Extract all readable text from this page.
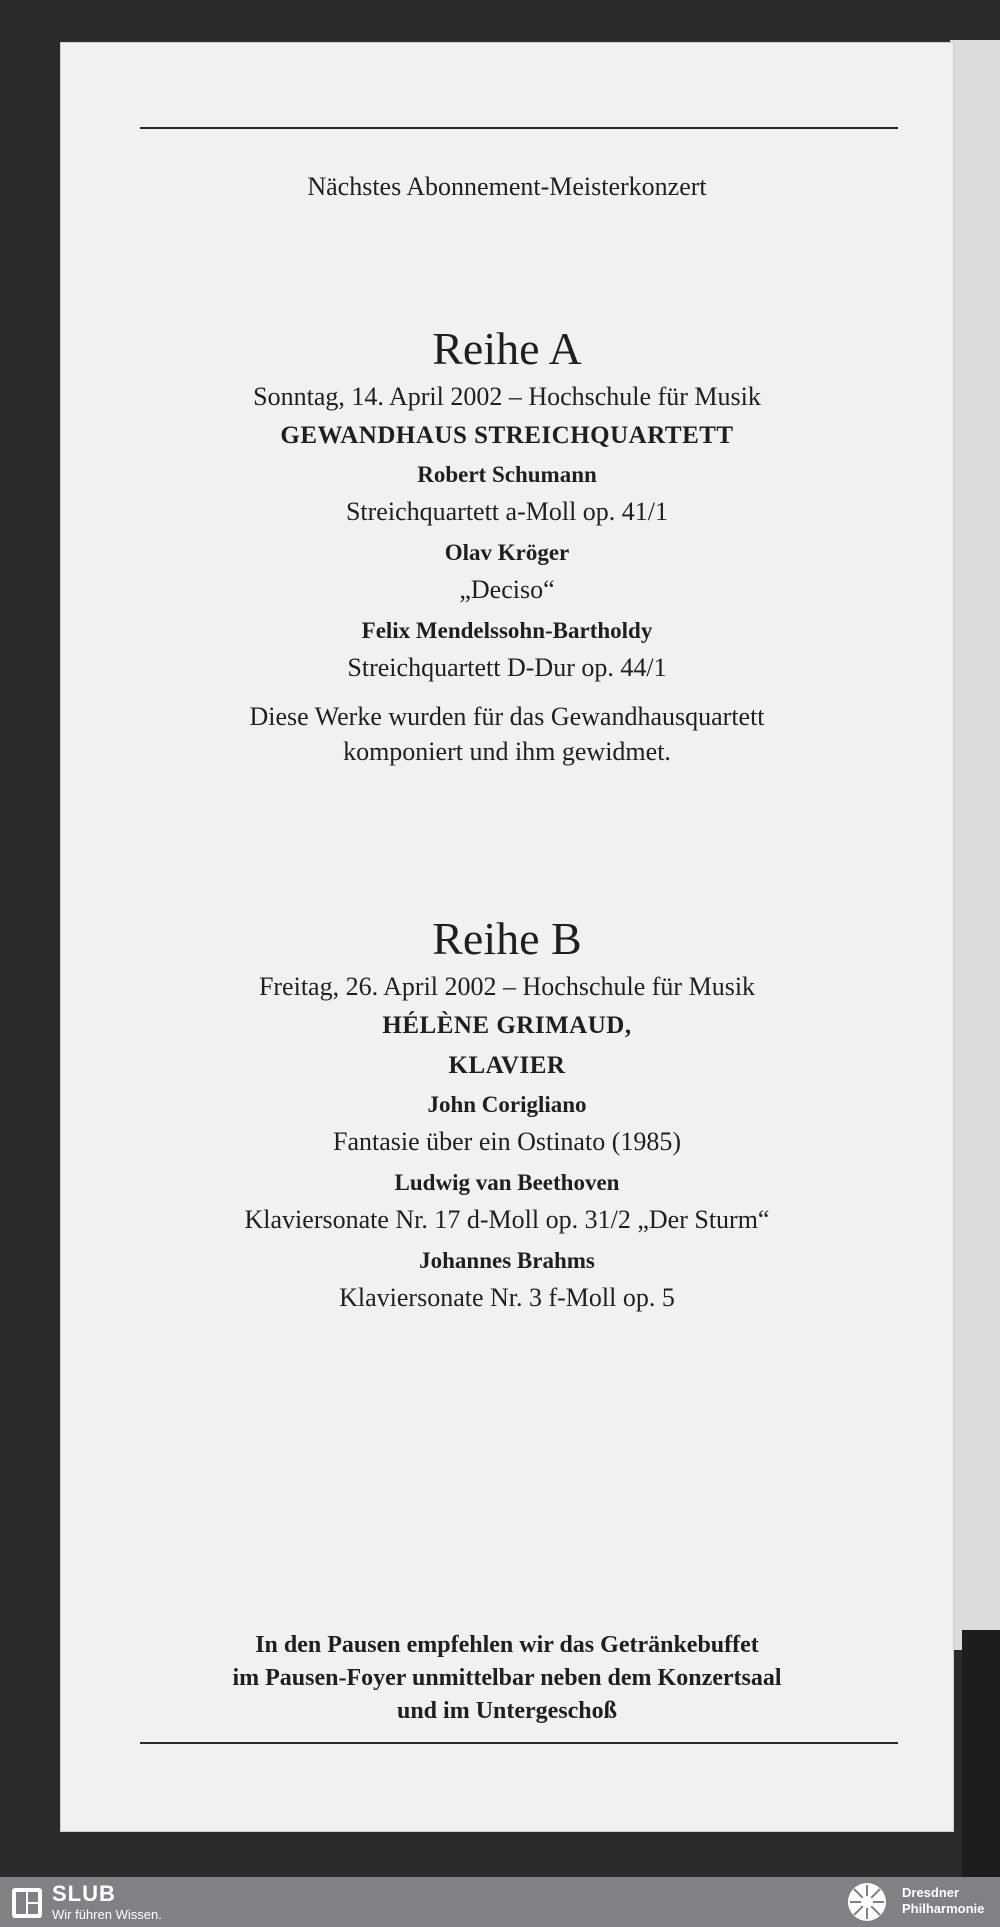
Nächstes Abonnement-Meisterkonzert
Reihe A
Sonntag, 14. April 2002 – Hochschule für Musik
GEWANDHAUS STREICHQUARTETT
Robert Schumann
Streichquartett a-Moll op. 41/1
Olav Kröger
„Deciso“
Felix Mendelssohn-Bartholdy
Streichquartett D-Dur op. 44/1
Diese Werke wurden für das Gewandhausquartett
komponiert und ihm gewidmet.
Reihe B
Freitag, 26. April 2002 – Hochschule für Musik
HÉLÈNE GRIMAUD,
KLAVIER
John Corigliano
Fantasie über ein Ostinato (1985)
Ludwig van Beethoven
Klaviersonate Nr. 17 d-Moll op. 31/2 „Der Sturm“
Johannes Brahms
Klaviersonate Nr. 3 f-Moll op. 5
In den Pausen empfehlen wir das Getränkebuffet
im Pausen-Foyer unmittelbar neben dem Konzertsaal
und im Untergeschoß
SLUB
Wir führen Wissen.
Dresdner
Philharmonie
